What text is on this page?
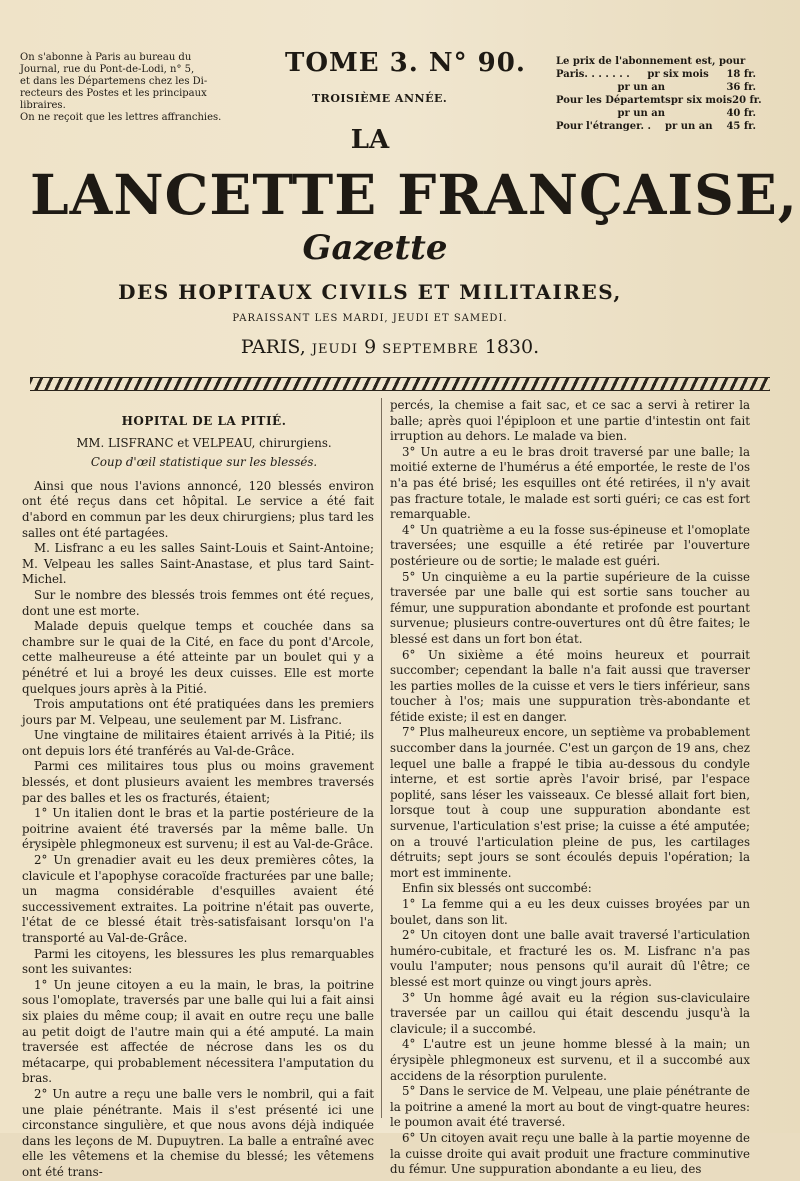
On s'abonne à Paris au bureau du
Journal, rue du Pont-de-Lodi, n° 5,
et dans les Départemens chez les Di-
recteurs des Postes et les principaux
libraires.
On ne reçoit que les lettres affranchies.
TOME 3. N° 90.
TROISIÈME ANNÉE.
Le prix de l'abonnement est, pour
Paris. . . . . . . pr six mois 18 fr.
pr un an	36 fr.
Pour les Départemts pr six mois 20 fr.
pr un an	40 fr.
Pour l'étranger. . pr un an 45 fr.
LA
LANCETTE FRANÇAISE,
Gazette
DES HOPITAUX CIVILS ET MILITAIRES,
PARAISSANT LES MARDI, JEUDI ET SAMEDI.
PARIS, JEUDI 9 SEPTEMBRE 1830.

HOPITAL DE LA PITIÉ.

MM. LISFRANC et VELPEAU, chirurgiens.

Coup d'œil statistique sur les blessés.

Ainsi que nous l'avions annoncé, 120 blessés environ ont été reçus dans cet hôpital. Le service a été fait d'abord en commun par les deux chirurgiens; plus tard les salles ont été partagées.

M. Lisfranc a eu les salles Saint-Louis et Saint-Antoine; M. Velpeau les salles Saint-Anastase, et plus tard Saint-Michel.

Sur le nombre des blessés trois femmes ont été reçues, dont une est morte.

Malade depuis quelque temps et couchée dans sa chambre sur le quai de la Cité, en face du pont d'Arcole, cette malheureuse a été atteinte par un boulet qui y a pénétré et lui a broyé les deux cuisses. Elle est morte quelques jours après à la Pitié.

Trois amputations ont été pratiquées dans les premiers jours par M. Velpeau, une seulement par M. Lisfranc.

Une vingtaine de militaires étaient arrivés à la Pitié; ils ont depuis lors été tranférés au Val-de-Grâce.

Parmi ces militaires tous plus ou moins gravement blessés, et dont plusieurs avaient les membres traversés par des balles et les os fracturés, étaient;

1° Un italien dont le bras et la partie postérieure de la poitrine avaient été traversés par la même balle. Un érysipèle phlegmoneux est survenu; il est au Val-de-Grâce.

2° Un grenadier avait eu les deux premières côtes, la clavicule et l'apophyse coracoïde fracturées par une balle; un magma considérable d'esquilles avaient été successivement extraites. La poitrine n'était pas ouverte, l'état de ce blessé était très-satisfaisant lorsqu'on l'a transporté au Val-de-Grâce.

Parmi les citoyens, les blessures les plus remarquables sont les suivantes:

1° Un jeune citoyen a eu la main, le bras, la poitrine sous l'omoplate, traversés par une balle qui lui a fait ainsi six plaies du même coup; il avait en outre reçu une balle au petit doigt de l'autre main qui a été amputé. La main traversée est affectée de nécrose dans les os du métacarpe, qui probablement nécessitera l'amputation du bras.

2° Un autre a reçu une balle vers le nombril, qui a fait une plaie pénétrante. Mais il s'est présenté ici une circonstance singulière, et que nous avons déjà indiquée dans les leçons de M. Dupuytren. La balle a entraîné avec elle les vêtemens et la chemise du blessé; les vêtemens ont été trans-

percés, la chemise a fait sac, et ce sac a servi à retirer la balle; après quoi l'épiploon et une partie d'intestin ont fait irruption au dehors. Le malade va bien.

3° Un autre a eu le bras droit traversé par une balle; la moitié externe de l'humérus a été emportée, le reste de l'os n'a pas été brisé; les esquilles ont été retirées, il n'y avait pas fracture totale, le malade est sorti guéri; ce cas est fort remarquable.

4° Un quatrième a eu la fosse sus-épineuse et l'omoplate traversées; une esquille a été retirée par l'ouverture postérieure ou de sortie; le malade est guéri.

5° Un cinquième a eu la partie supérieure de la cuisse traversée par une balle qui est sortie sans toucher au fémur, une suppuration abondante et profonde est pourtant survenue; plusieurs contre-ouvertures ont dû être faites; le blessé est dans un fort bon état.

6° Un sixième a été moins heureux et pourrait succomber; cependant la balle n'a fait aussi que traverser les parties molles de la cuisse et vers le tiers inférieur, sans toucher à l'os; mais une suppuration très-abondante et fétide existe; il est en danger.

7° Plus malheureux encore, un septième va probablement succomber dans la journée. C'est un garçon de 19 ans, chez lequel une balle a frappé le tibia au-dessous du condyle interne, et est sortie après l'avoir brisé, par l'espace poplité, sans léser les vaisseaux. Ce blessé allait fort bien, lorsque tout à coup une suppuration abondante est survenue, l'articulation s'est prise; la cuisse a été amputée; on a trouvé l'articulation pleine de pus, les cartilages détruits; sept jours se sont écoulés depuis l'opération; la mort est imminente.

Enfin six blessés ont succombé:

1° La femme qui a eu les deux cuisses broyées par un boulet, dans son lit.

2° Un citoyen dont une balle avait traversé l'articulation huméro-cubitale, et fracturé les os. M. Lisfranc n'a pas voulu l'amputer; nous pensons qu'il aurait dû l'être; ce blessé est mort quinze ou vingt jours après.

3° Un homme âgé avait eu la région sus-claviculaire traversée par un caillou qui était descendu jusqu'à la clavicule; il a succombé.

4° L'autre est un jeune homme blessé à la main; un érysipèle phlegmoneux est survenu, et il a succombé aux accidens de la résorption purulente.

5° Dans le service de M. Velpeau, une plaie pénétrante de la poitrine a amené la mort au bout de vingt-quatre heures: le poumon avait été traversé.

6° Un citoyen avait reçu une balle à la partie moyenne de la cuisse droite qui avait produit une fracture comminutive du fémur. Une suppuration abondante a eu lieu, des
